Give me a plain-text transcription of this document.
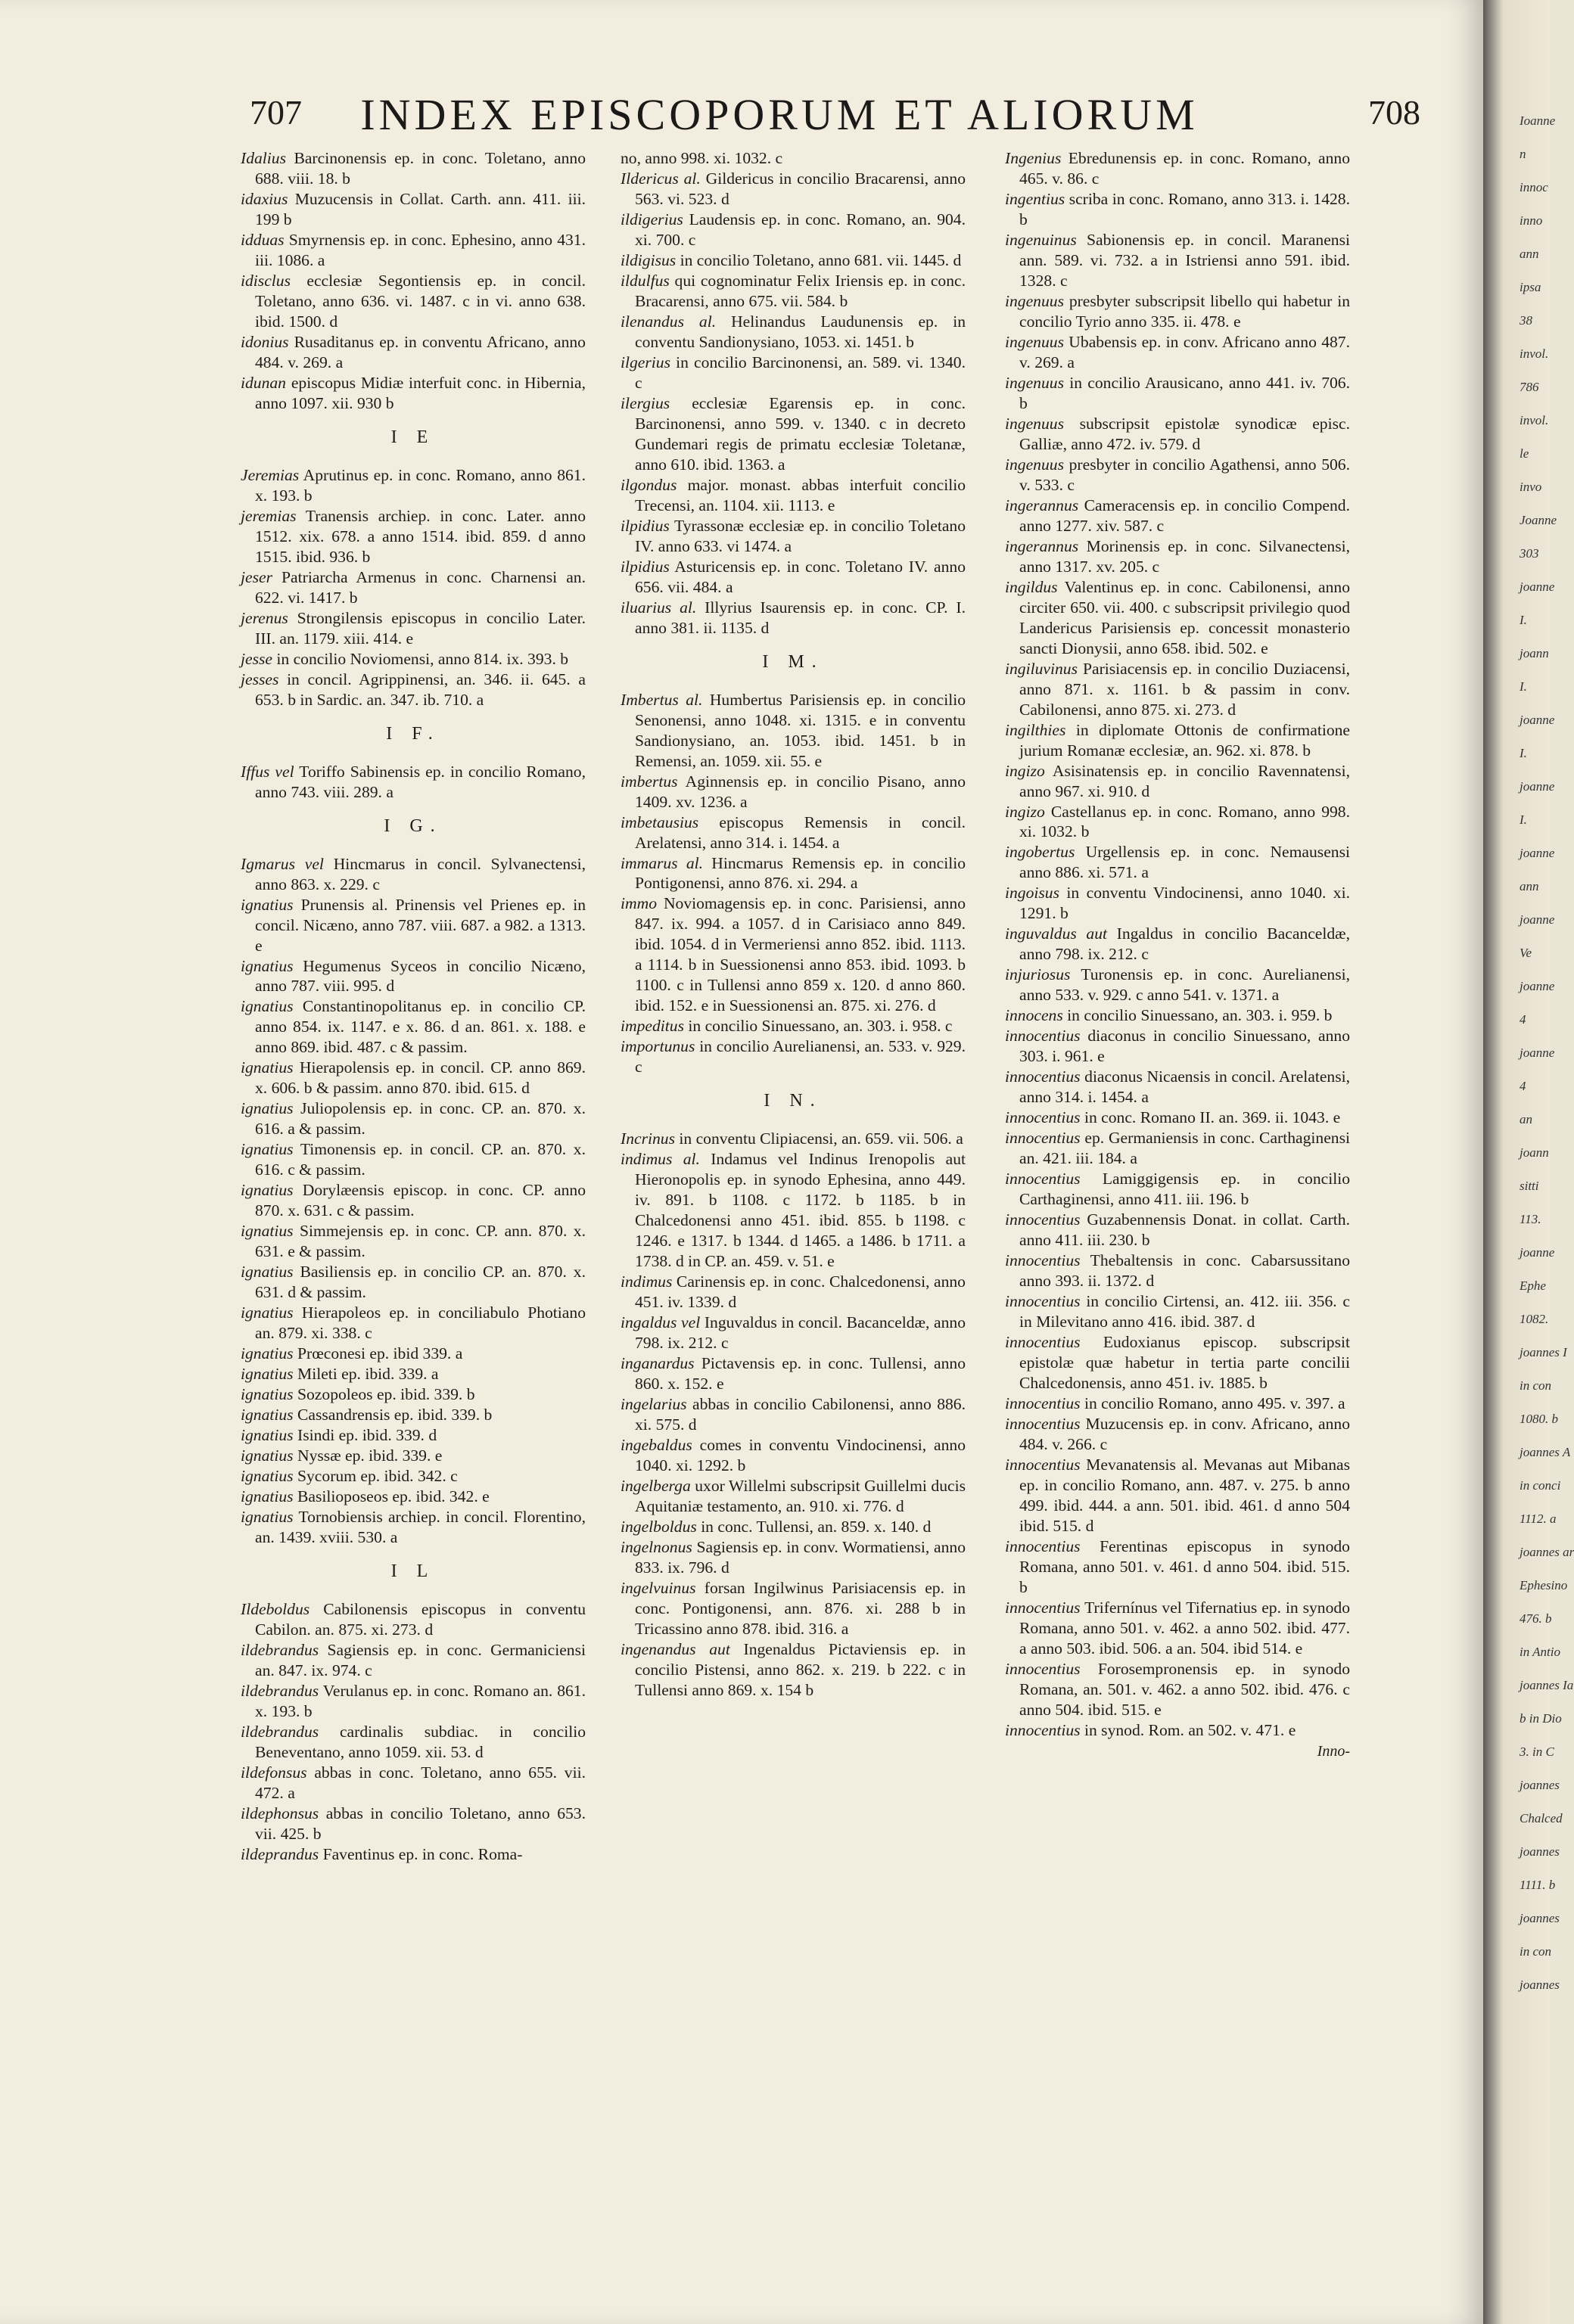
707	INDEX EPISCOPORUM ET ALIORUM	708

Idalius Barcinonensis ep. in conc. Toletano, anno 688. viii. 18. b

idaxius Muzucensis in Collat. Carth. ann. 411. iii. 199 b

idduas Smyrnensis ep. in conc. Ephesino, anno 431. iii. 1086. a

idisclus ecclesiæ Segontiensis ep. in concil. Toletano, anno 636. vi. 1487. c in vi. anno 638. ibid. 1500. d

idonius Rusaditanus ep. in conventu Africano, anno 484. v. 269. a

idunan episcopus Midiæ interfuit conc. in Hibernia, anno 1097. xii. 930 b

I E

Jeremias Aprutinus ep. in conc. Romano, anno 861. x. 193. b

jeremias Tranensis archiep. in conc. Later. anno 1512. xix. 678. a anno 1514. ibid. 859. d anno 1515. ibid. 936. b

jeser Patriarcha Armenus in conc. Charnensi an. 622. vi. 1417. b

jerenus Strongilensis episcopus in concilio Later. III. an. 1179. xiii. 414. e

jesse in concilio Noviomensi, anno 814. ix. 393. b

jesses in concil. Agrippinensi, an. 346. ii. 645. a 653. b in Sardic. an. 347. ib. 710. a

I F.

Iffus vel Toriffo Sabinensis ep. in concilio Romano, anno 743. viii. 289. a

I G.

Igmarus vel Hincmarus in concil. Sylvanectensi, anno 863. x. 229. c

ignatius Prunensis al. Prinensis vel Prienes ep. in concil. Nicæno, anno 787. viii. 687. a 982. a 1313. e

ignatius Hegumenus Syceos in concilio Nicæno, anno 787. viii. 995. d

ignatius Constantinopolitanus ep. in concilio CP. anno 854. ix. 1147. e x. 86. d an. 861. x. 188. e anno 869. ibid. 487. c & passim.

ignatius Hierapolensis ep. in concil. CP. anno 869. x. 606. b & passim. anno 870. ibid. 615. d

ignatius Juliopolensis ep. in conc. CP. an. 870. x. 616. a & passim.

ignatius Timonensis ep. in concil. CP. an. 870. x. 616. c & passim.

ignatius Dorylæensis episcop. in conc. CP. anno 870. x. 631. c & passim.

ignatius Simmejensis ep. in conc. CP. ann. 870. x. 631. e & passim.

ignatius Basiliensis ep. in concilio CP. an. 870. x. 631. d & passim.

ignatius Hierapoleos ep. in conciliabulo Photiano an. 879. xi. 338. c

ignatius Prœconesi ep. ibid 339. a

ignatius Mileti ep. ibid. 339. a

ignatius Sozopoleos ep. ibid. 339. b

ignatius Cassandrensis ep. ibid. 339. b

ignatius Isindi ep. ibid. 339. d

ignatius Nyssæ ep. ibid. 339. e

ignatius Sycorum ep. ibid. 342. c

ignatius Basilioposeos ep. ibid. 342. e

ignatius Tornobiensis archiep. in concil. Florentino, an. 1439. xviii. 530. a

I L

Ildeboldus Cabilonensis episcopus in conventu Cabilon. an. 875. xi. 273. d

ildebrandus Sagiensis ep. in conc. Germaniciensi an. 847. ix. 974. c

ildebrandus Verulanus ep. in conc. Romano an. 861. x. 193. b

ildebrandus cardinalis subdiac. in concilio Beneventano, anno 1059. xii. 53. d

ildefonsus abbas in conc. Toletano, anno 655. vii. 472. a

ildephonsus abbas in concilio Toletano, anno 653. vii. 425. b

ildeprandus Faventinus ep. in conc. Roma-

no, anno 998. xi. 1032. c

Ildericus al. Gildericus in concilio Bracarensi, anno 563. vi. 523. d

ildigerius Laudensis ep. in conc. Romano, an. 904. xi. 700. c

ildigisus in concilio Toletano, anno 681. vii. 1445. d

ildulfus qui cognominatur Felix Iriensis ep. in conc. Bracarensi, anno 675. vii. 584. b

ilenandus al. Helinandus Laudunensis ep. in conventu Sandionysiano, 1053. xi. 1451. b

ilgerius in concilio Barcinonensi, an. 589. vi. 1340. c

ilergius ecclesiæ Egarensis ep. in conc. Barcinonensi, anno 599. v. 1340. c in decreto Gundemari regis de primatu ecclesiæ Toletanæ, anno 610. ibid. 1363. a

ilgondus major. monast. abbas interfuit concilio Trecensi, an. 1104. xii. 1113. e

ilpidius Tyrassonæ ecclesiæ ep. in concilio Toletano IV. anno 633. vi 1474. a

ilpidius Asturicensis ep. in conc. Toletano IV. anno 656. vii. 484. a

iluarius al. Illyrius Isaurensis ep. in conc. CP. I. anno 381. ii. 1135. d

I M.

Imbertus al. Humbertus Parisiensis ep. in concilio Senonensi, anno 1048. xi. 1315. e in conventu Sandionysiano, an. 1053. ibid. 1451. b in Remensi, an. 1059. xii. 55. e

imbertus Aginnensis ep. in concilio Pisano, anno 1409. xv. 1236. a

imbetausius episcopus Remensis in concil. Arelatensi, anno 314. i. 1454. a

immarus al. Hincmarus Remensis ep. in concilio Pontigonensi, anno 876. xi. 294. a

immo Noviomagensis ep. in conc. Parisiensi, anno 847. ix. 994. a 1057. d in Carisiaco anno 849. ibid. 1054. d in Vermeriensi anno 852. ibid. 1113. a 1114. b in Suessionensi anno 853. ibid. 1093. b 1100. c in Tullensi anno 859 x. 120. d anno 860. ibid. 152. e in Suessionensi an. 875. xi. 276. d

impeditus in concilio Sinuessano, an. 303. i. 958. c

importunus in concilio Aurelianensi, an. 533. v. 929. c

I N.

Incrinus in conventu Clipiacensi, an. 659. vii. 506. a

indimus al. Indamus vel Indinus Irenopolis aut Hieronopolis ep. in synodo Ephesina, anno 449. iv. 891. b 1108. c 1172. b 1185. b in Chalcedonensi anno 451. ibid. 855. b 1198. c 1246. e 1317. b 1344. d 1465. a 1486. b 1711. a 1738. d in CP. an. 459. v. 51. e

indimus Carinensis ep. in conc. Chalcedonensi, anno 451. iv. 1339. d

ingaldus vel Inguvaldus in concil. Bacanceldæ, anno 798. ix. 212. c

inganardus Pictavensis ep. in conc. Tullensi, anno 860. x. 152. e

ingelarius abbas in concilio Cabilonensi, anno 886. xi. 575. d

ingebaldus comes in conventu Vindocinensi, anno 1040. xi. 1292. b

ingelberga uxor Willelmi subscripsit Guillelmi ducis Aquitaniæ testamento, an. 910. xi. 776. d

ingelboldus in conc. Tullensi, an. 859. x. 140. d

ingelnonus Sagiensis ep. in conv. Wormatiensi, anno 833. ix. 796. d

ingelvuinus forsan Ingilwinus Parisiacensis ep. in conc. Pontigonensi, ann. 876. xi. 288 b in Tricassino anno 878. ibid. 316. a

ingenandus aut Ingenaldus Pictaviensis ep. in concilio Pistensi, anno 862. x. 219. b 222. c in Tullensi anno 869. x. 154 b

Ingenius Ebredunensis ep. in conc. Romano, anno 465. v. 86. c

ingentius scriba in conc. Romano, anno 313. i. 1428. b

ingenuinus Sabionensis ep. in concil. Maranensi ann. 589. vi. 732. a in Istriensi anno 591. ibid. 1328. c

ingenuus presbyter subscripsit libello qui habetur in concilio Tyrio anno 335. ii. 478. e

ingenuus Ubabensis ep. in conv. Africano anno 487. v. 269. a

ingenuus in concilio Arausicano, anno 441. iv. 706. b

ingenuus subscripsit epistolæ synodicæ episc. Galliæ, anno 472. iv. 579. d

ingenuus presbyter in concilio Agathensi, anno 506. v. 533. c

ingerannus Cameracensis ep. in concilio Compend. anno 1277. xiv. 587. c

ingerannus Morinensis ep. in conc. Silvanectensi, anno 1317. xv. 205. c

ingildus Valentinus ep. in conc. Cabilonensi, anno circiter 650. vii. 400. c subscripsit privilegio quod Landericus Parisiensis ep. concessit monasterio sancti Dionysii, anno 658. ibid. 502. e

ingiluvinus Parisiacensis ep. in concilio Duziacensi, anno 871. x. 1161. b & passim in conv. Cabilonensi, anno 875. xi. 273. d

ingilthies in diplomate Ottonis de confirmatione jurium Romanæ ecclesiæ, an. 962. xi. 878. b

ingizo Asisinatensis ep. in concilio Ravennatensi, anno 967. xi. 910. d

ingizo Castellanus ep. in conc. Romano, anno 998. xi. 1032. b

ingobertus Urgellensis ep. in conc. Nemausensi anno 886. xi. 571. a

ingoisus in conventu Vindocinensi, anno 1040. xi. 1291. b

inguvaldus aut Ingaldus in concilio Bacanceldæ, anno 798. ix. 212. c

injuriosus Turonensis ep. in conc. Aurelianensi, anno 533. v. 929. c anno 541. v. 1371. a

innocens in concilio Sinuessano, an. 303. i. 959. b

innocentius diaconus in concilio Sinuessano, anno 303. i. 961. e

innocentius diaconus Nicaensis in concil. Arelatensi, anno 314. i. 1454. a

innocentius in conc. Romano II. an. 369. ii. 1043. e

innocentius ep. Germaniensis in conc. Carthaginensi an. 421. iii. 184. a

innocentius Lamiggigensis ep. in concilio Carthaginensi, anno 411. iii. 196. b

innocentius Guzabennensis Donat. in collat. Carth. anno 411. iii. 230. b

innocentius Thebaltensis in conc. Cabarsussitano anno 393. ii. 1372. d

innocentius in concilio Cirtensi, an. 412. iii. 356. c in Milevitano anno 416. ibid. 387. d

innocentius Eudoxianus episcop. subscripsit epistolæ quæ habetur in tertia parte concilii Chalcedonensis, anno 451. iv. 1885. b

innocentius in concilio Romano, anno 495. v. 397. a

innocentius Muzucensis ep. in conv. Africano, anno 484. v. 266. c

innocentius Mevanatensis al. Mevanas aut Mibanas ep. in concilio Romano, ann. 487. v. 275. b anno 499. ibid. 444. a ann. 501. ibid. 461. d anno 504 ibid. 515. d

innocentius Ferentinas episcopus in synodo Romana, anno 501. v. 461. d anno 504. ibid. 515. b

innocentius Trifernínus vel Tifernatius ep. in synodo Romana, anno 501. v. 462. a anno 502. ibid. 477. a anno 503. ibid. 506. a an. 504. ibid 514. e

innocentius Forosempronensis ep. in synodo Romana, an. 501. v. 462. a anno 502. ibid. 476. c anno 504. ibid. 515. e

innocentius in synod. Rom. an 502. v. 471. e

Inno-
Ioanne
n
innoc
inno
ann
ipsa
38
invol.
786
invol.
le
invo
Joanne
303
joanne
I.
joann
I.
joanne
I.
joanne
I.
joanne
ann
joanne
Ve
joanne
4
joanne
4
an
joann
sitti
113.
joanne
Ephe
1082.
joannes I
in con
1080. b
joannes A
in conci
1112. a
joannes ar
Ephesino
476. b
in Antio
joannes Ia
b in Dio
3. in C
joannes
Chalced
joannes
1111. b
joannes
in con
joannes
